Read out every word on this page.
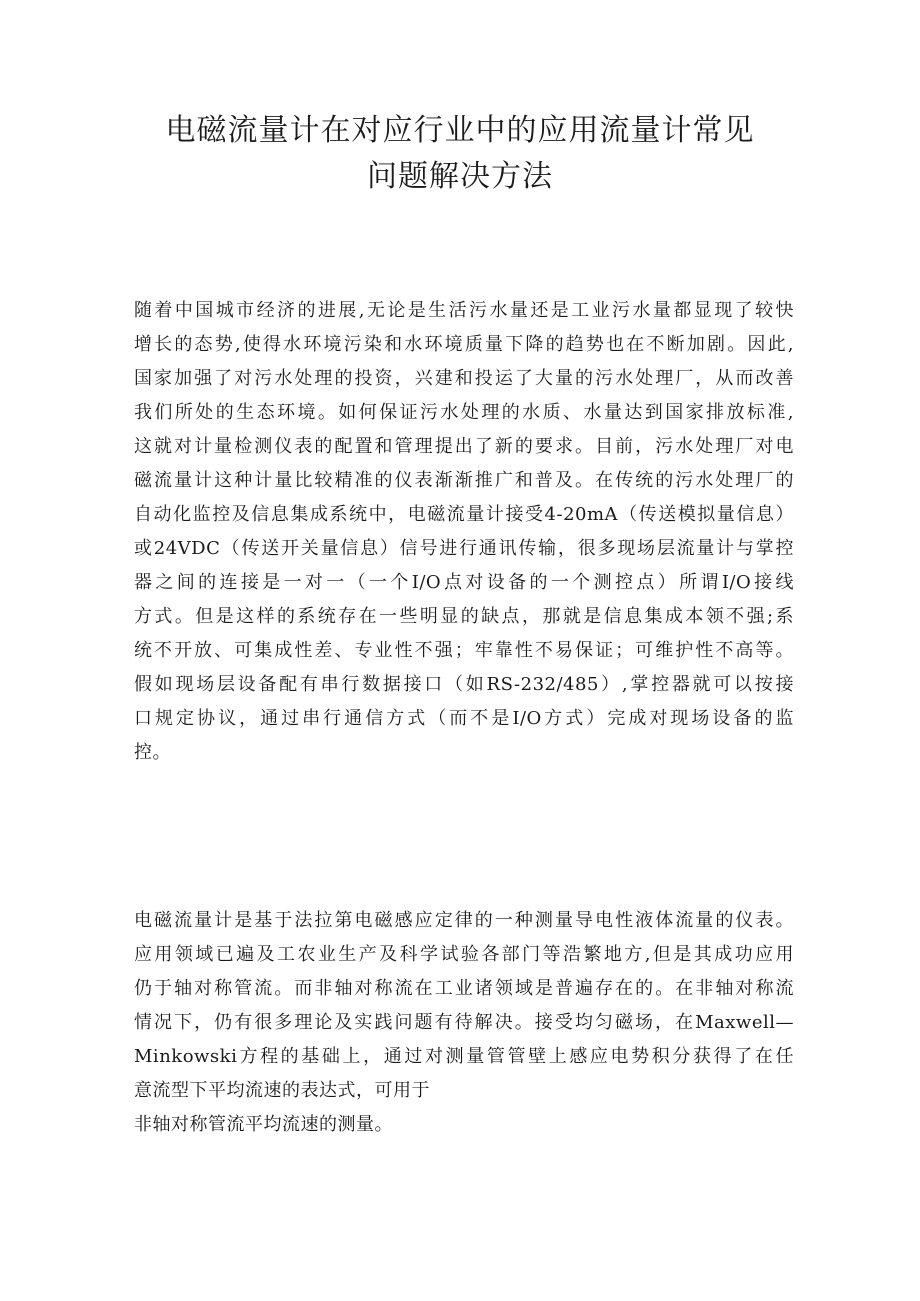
电磁流量计在对应行业中的应用流量计常见
问题解决方法

随着中国城市经济的进展,无论是生活污水量还是工业污水量都显现了较快
增长的态势,使得水环境污染和水环境质量下降的趋势也在不断加剧。因此,
国家加强了对污水处理的投资，兴建和投运了大量的污水处理厂，从而改善
我们所处的生态环境。如何保证污水处理的水质、水量达到国家排放标准,
这就对计量检测仪表的配置和管理提出了新的要求。目前，污水处理厂对电
磁流量计这种计量比较精准的仪表渐渐推广和普及。在传统的污水处理厂的
自动化监控及信息集成系统中，电磁流量计接受4-20mA（传送模拟量信息）
或24VDC（传送开关量信息）信号进行通讯传输，很多现场层流量计与掌控
器之间的连接是一对一（一个I/O点对设备的一个测控点）所谓I/O接线
方式。但是这样的系统存在一些明显的缺点，那就是信息集成本领不强;系
统不开放、可集成性差、专业性不强；牢靠性不易保证；可维护性不高等。
假如现场层设备配有串行数据接口（如RS-232/485）,掌控器就可以按接
口规定协议，通过串行通信方式（而不是I/O方式）完成对现场设备的监
控。

电磁流量计是基于法拉第电磁感应定律的一种测量导电性液体流量的仪表。
应用领域已遍及工农业生产及科学试验各部门等浩繁地方,但是其成功应用
仍于轴对称管流。而非轴对称流在工业诸领域是普遍存在的。在非轴对称流
情况下，仍有很多理论及实践问题有待解决。接受均匀磁场，在Maxwell—
Minkowski方程的基础上，通过对测量管管壁上感应电势积分获得了在任
意流型下平均流速的表达式，可用于
非轴对称管流平均流速的测量。
